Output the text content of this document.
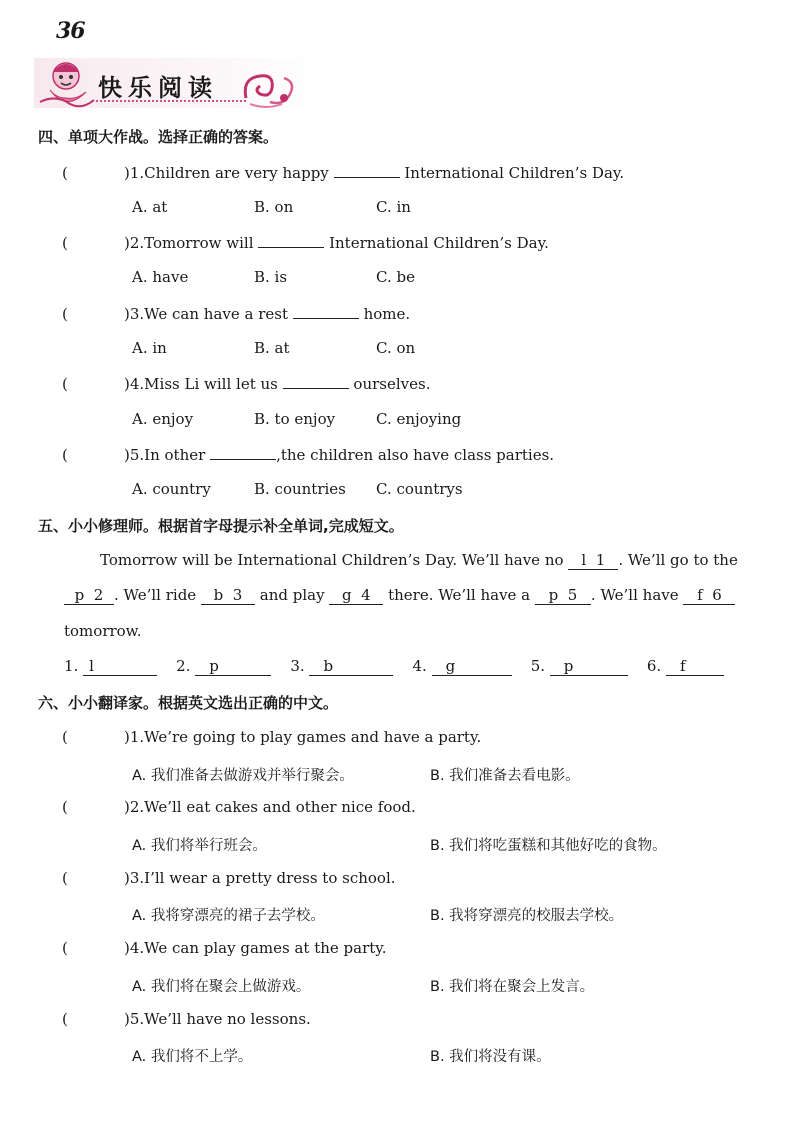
36
快乐阅读
四、单项大作战。选择正确的答案。
(	)1.Children are very happy	International Children’s Day.
A. at	B. on	C. in
(	)2.Tomorrow will	International Children’s Day.
A. have	B. is	C. be
(	)3.We can have a rest	home.
A. in	B. at	C. on
(	)4.Miss Li will let us	ourselves.
A. enjoy	B. to enjoy	C. enjoying
(	)5.In other	,the children also have class parties.
A. country	B. countries C. countrys
五、小小修理师。根据首字母提示补全单词,完成短文。
Tomorrow will be International Children’s Day. We’ll have no l 1 . We’ll go to the
p 2 . We’ll ride b 3 and play g 4 there. We’ll have a p 5 . We’ll have f 6
tomorrow.
1. l	2. p	3. b	4. g	5. p	6. f
六、小小翻译家。根据英文选出正确的中文。
(	)1.We’re going to play games and have a party.
A. 我们准备去做游戏并举行聚会。	B. 我们准备去看电影。
(	)2.We’ll eat cakes and other nice food.
A. 我们将举行班会。	B. 我们将吃蛋糕和其他好吃的食物。
(	)3.I’ll wear a pretty dress to school.
A. 我将穿漂亮的裙子去学校。	B. 我将穿漂亮的校服去学校。
(	)4.We can play games at the party.
A. 我们将在聚会上做游戏。	B. 我们将在聚会上发言。
(	)5.We’ll have no lessons.
A. 我们将不上学。	B. 我们将没有课。
